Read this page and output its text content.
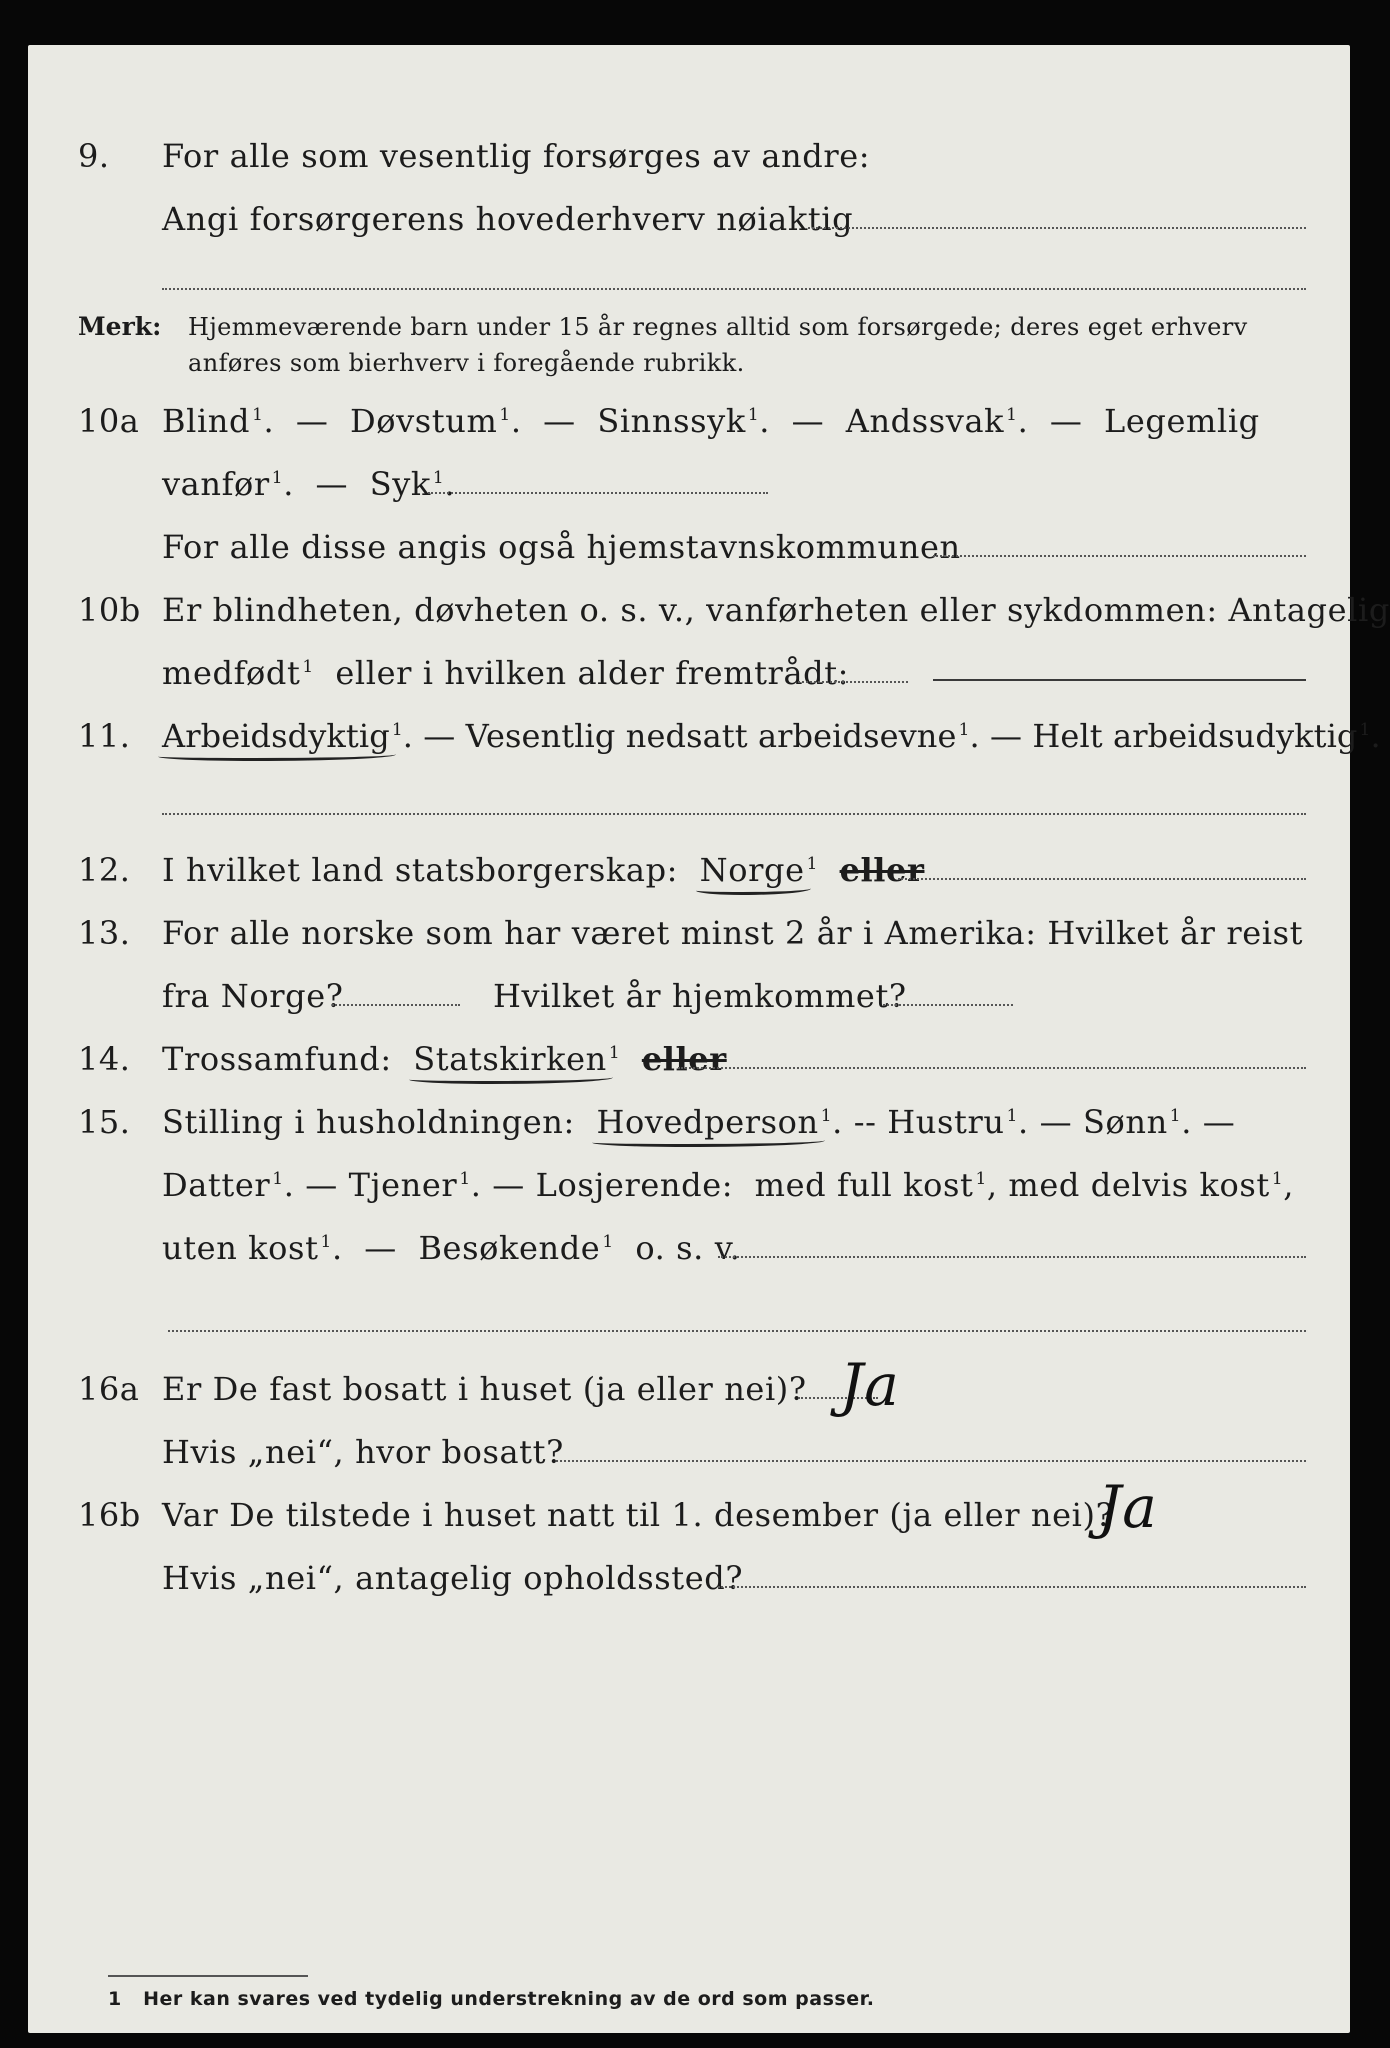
9. For alle som vesentlig forsørges av andre:
Angi forsørgerens hovederhverv nøiaktig
Merk: Hjemmeværende barn under 15 år regnes alltid som forsørgede; deres eget erhverv
anføres som bierhverv i foregående rubrikk.
10a Blind $^1$.  — Døvstum $^1$.  — Sinnssyk $^1$.  — Andssvak $^1$.  — Legemlig
vanfør $^1$.  — Syk $^1$.
For alle disse angis også hjemstavnskommunen
10b Er blindheten, døvheten o. s. v., vanførheten eller sykdommen: Antagelig
medfødt $^1$ eller i hvilken alder fremtrådt:
11. Arbeidsdyktig $^1$. — Vesentlig nedsatt arbeidsevne $^1$. — Helt arbeidsudyktig $^1$.
12. I hvilket land statsborgerskap: Norge $^1$ eller
13. For alle norske som har været minst 2 år i Amerika: Hvilket år reist
fra Norge?	Hvilket år hjemkommet?
14. Trossamfund: Statskirken $^1$ eller
15. Stilling i husholdningen: Hovedperson $^1$. -- Hustru $^1$. — Sønn $^1$. —
Datter $^1$. — Tjener $^1$. — Losjerende: med full kost $^1$, med delvis kost $^1$,
uten kost $^1$.  — Besøkende $^1$ o. s. v.
16a Er De fast bosatt i huset (ja eller nei)? Ja
Hvis „nei“, hvor bosatt?
16b Var De tilstede i huset natt til 1. desember (ja eller nei)?
Ja
Hvis „nei“, antagelig opholdssted?
1 Her kan svares ved tydelig understrekning av de ord som passer.
